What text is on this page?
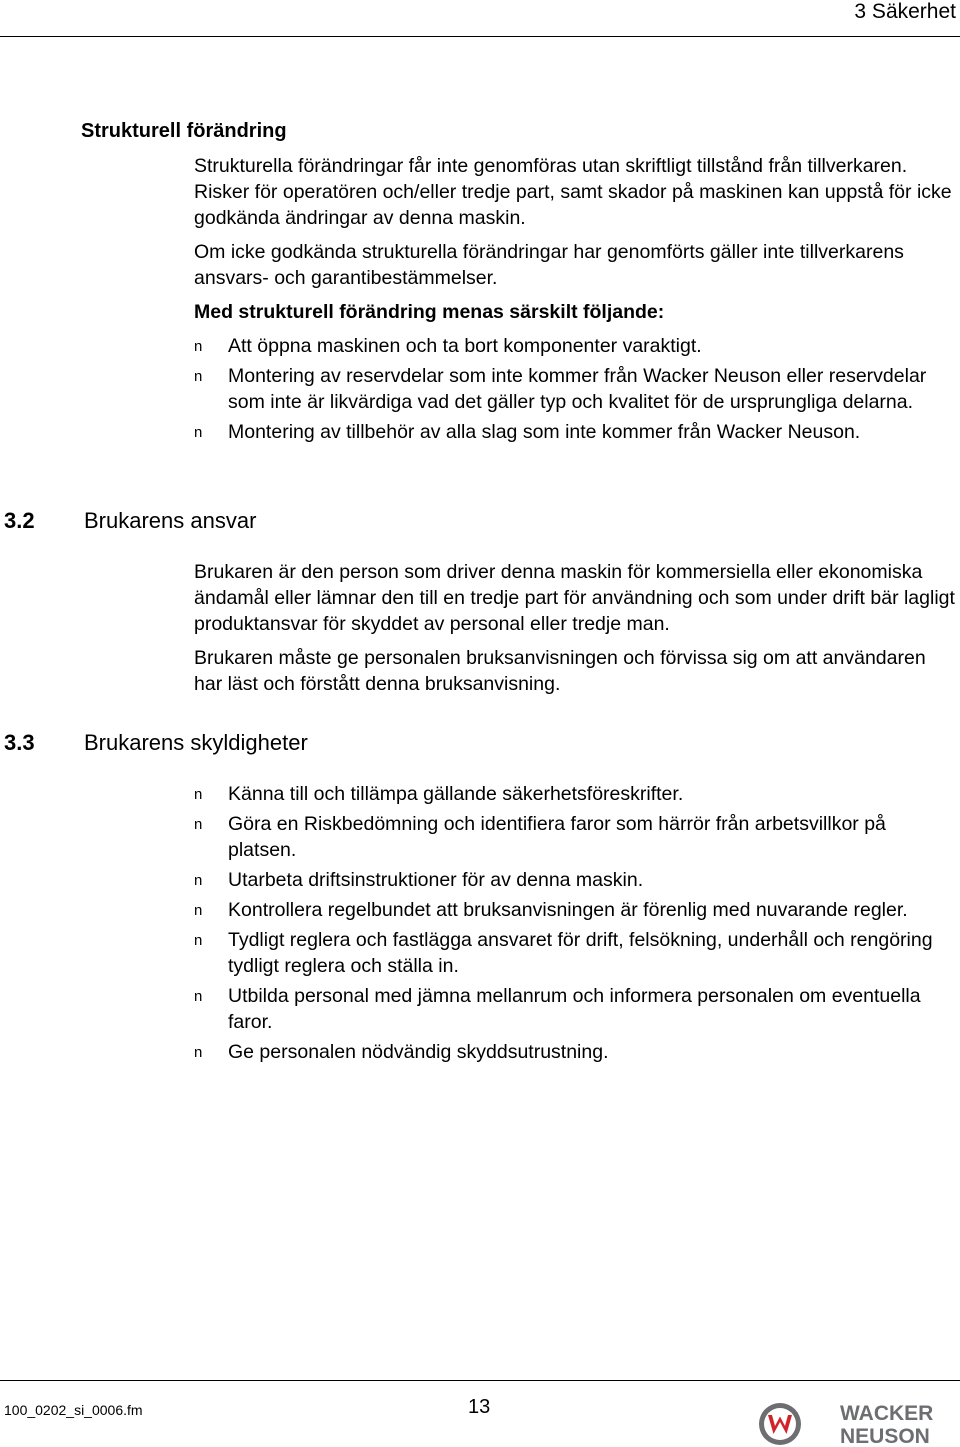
3 Säkerhet
Strukturell förändring

Strukturella förändringar får inte genomföras utan skriftligt tillstånd från tillverkaren. Risker för operatören och/eller tredje part, samt skador på maskinen kan uppstå för icke godkända ändringar av denna maskin.

Om icke godkända strukturella förändringar har genomförts gäller inte tillverkarens ansvars- och garantibestämmelser.

Med strukturell förändring menas särskilt följande:

n Att öppna maskinen och ta bort komponenter varaktigt.
n Montering av reservdelar som inte kommer från Wacker Neuson eller reservdelar som inte är likvärdiga vad det gäller typ och kvalitet för de ursprungliga delarna.
n Montering av tillbehör av alla slag som inte kommer från Wacker Neuson.
3.2 Brukarens ansvar

Brukaren är den person som driver denna maskin för kommersiella eller ekonomiska ändamål eller lämnar den till en tredje part för användning och som under drift bär lagligt produktansvar för skyddet av personal eller tredje man.

Brukaren måste ge personalen bruksanvisningen och förvissa sig om att användaren har läst och förstått denna bruksanvisning.

3.3 Brukarens skyldigheter
n Känna till och tillämpa gällande säkerhetsföreskrifter.
n Göra en Riskbedömning och identifiera faror som härrör från arbetsvillkor på platsen.
n Utarbeta driftsinstruktioner för av denna maskin.
n Kontrollera regelbundet att bruksanvisningen är förenlig med nuvarande regler.
n Tydligt reglera och fastlägga ansvaret för drift, felsökning, underhåll och rengöring tydligt reglera och ställa in.
n Utbilda personal med jämna mellanrum och informera personalen om eventuella faror.
n Ge personalen nödvändig skyddsutrustning.
100_0202_si_0006.fm	13	WACKER
NEUSON
